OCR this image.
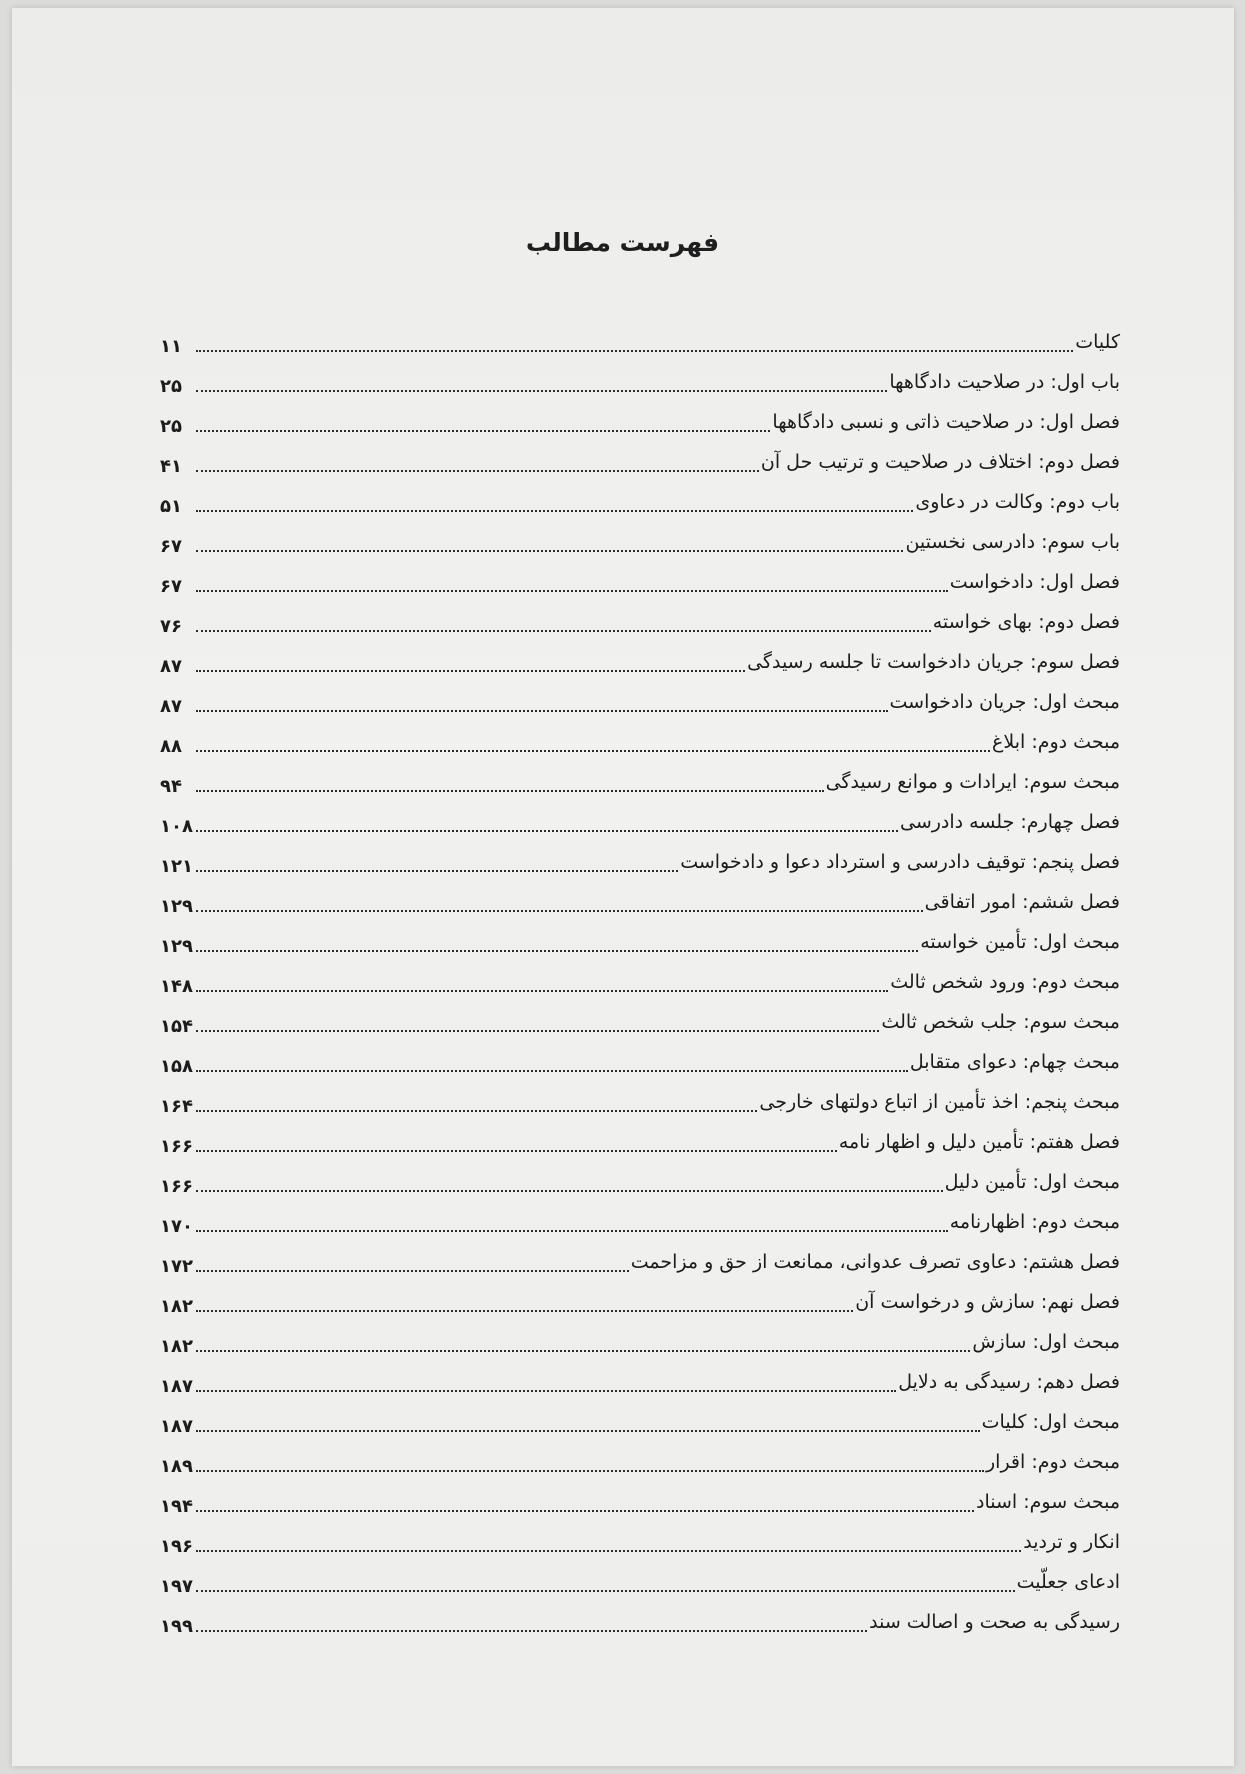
فهرست مطالب
کلیات
۱۱
باب اول: در صلاحیت دادگاهها
۲۵
فصل اول: در صلاحیت ذاتی و نسبی دادگاهها
۲۵
فصل دوم: اختلاف در صلاحیت و ترتیب حل آن
۴۱
باب دوم: وکالت در دعاوی
۵۱
باب سوم: دادرسی نخستین
۶۷
فصل اول: دادخواست
۶۷
فصل دوم: بهای خواسته
۷۶
فصل سوم: جریان دادخواست تا جلسه رسیدگی
۸۷
مبحث اول: جریان دادخواست
۸۷
مبحث دوم: ابلاغ
۸۸
مبحث سوم: ایرادات و موانع رسیدگی
۹۴
فصل چهارم: جلسه دادرسی
۱۰۸
فصل پنجم: توقیف دادرسی و استرداد دعوا و دادخواست
۱۲۱
فصل ششم: امور اتفاقی
۱۲۹
مبحث اول: تأمین خواسته
۱۲۹
مبحث دوم: ورود شخص ثالث
۱۴۸
مبحث سوم: جلب شخص ثالث
۱۵۴
مبحث چهام: دعوای متقابل
۱۵۸
مبحث پنجم: اخذ تأمین از اتباع دولتهای خارجی
۱۶۴
فصل هفتم: تأمین دلیل و اظهار نامه
۱۶۶
مبحث اول: تأمین دلیل
۱۶۶
مبحث دوم: اظهارنامه
۱۷۰
فصل هشتم: دعاوی تصرف عدوانی، ممانعت از حق و مزاحمت
۱۷۲
فصل نهم: سازش و درخواست آن
۱۸۲
مبحث اول: سازش
۱۸۲
فصل دهم: رسیدگی به دلایل
۱۸۷
مبحث اول: کلیات
۱۸۷
مبحث دوم: اقرار
۱۸۹
مبحث سوم: اسناد
۱۹۴
انکار و تردید
۱۹۶
ادعای جعلّیت
۱۹۷
رسیدگی به صحت و اصالت سند
۱۹۹
